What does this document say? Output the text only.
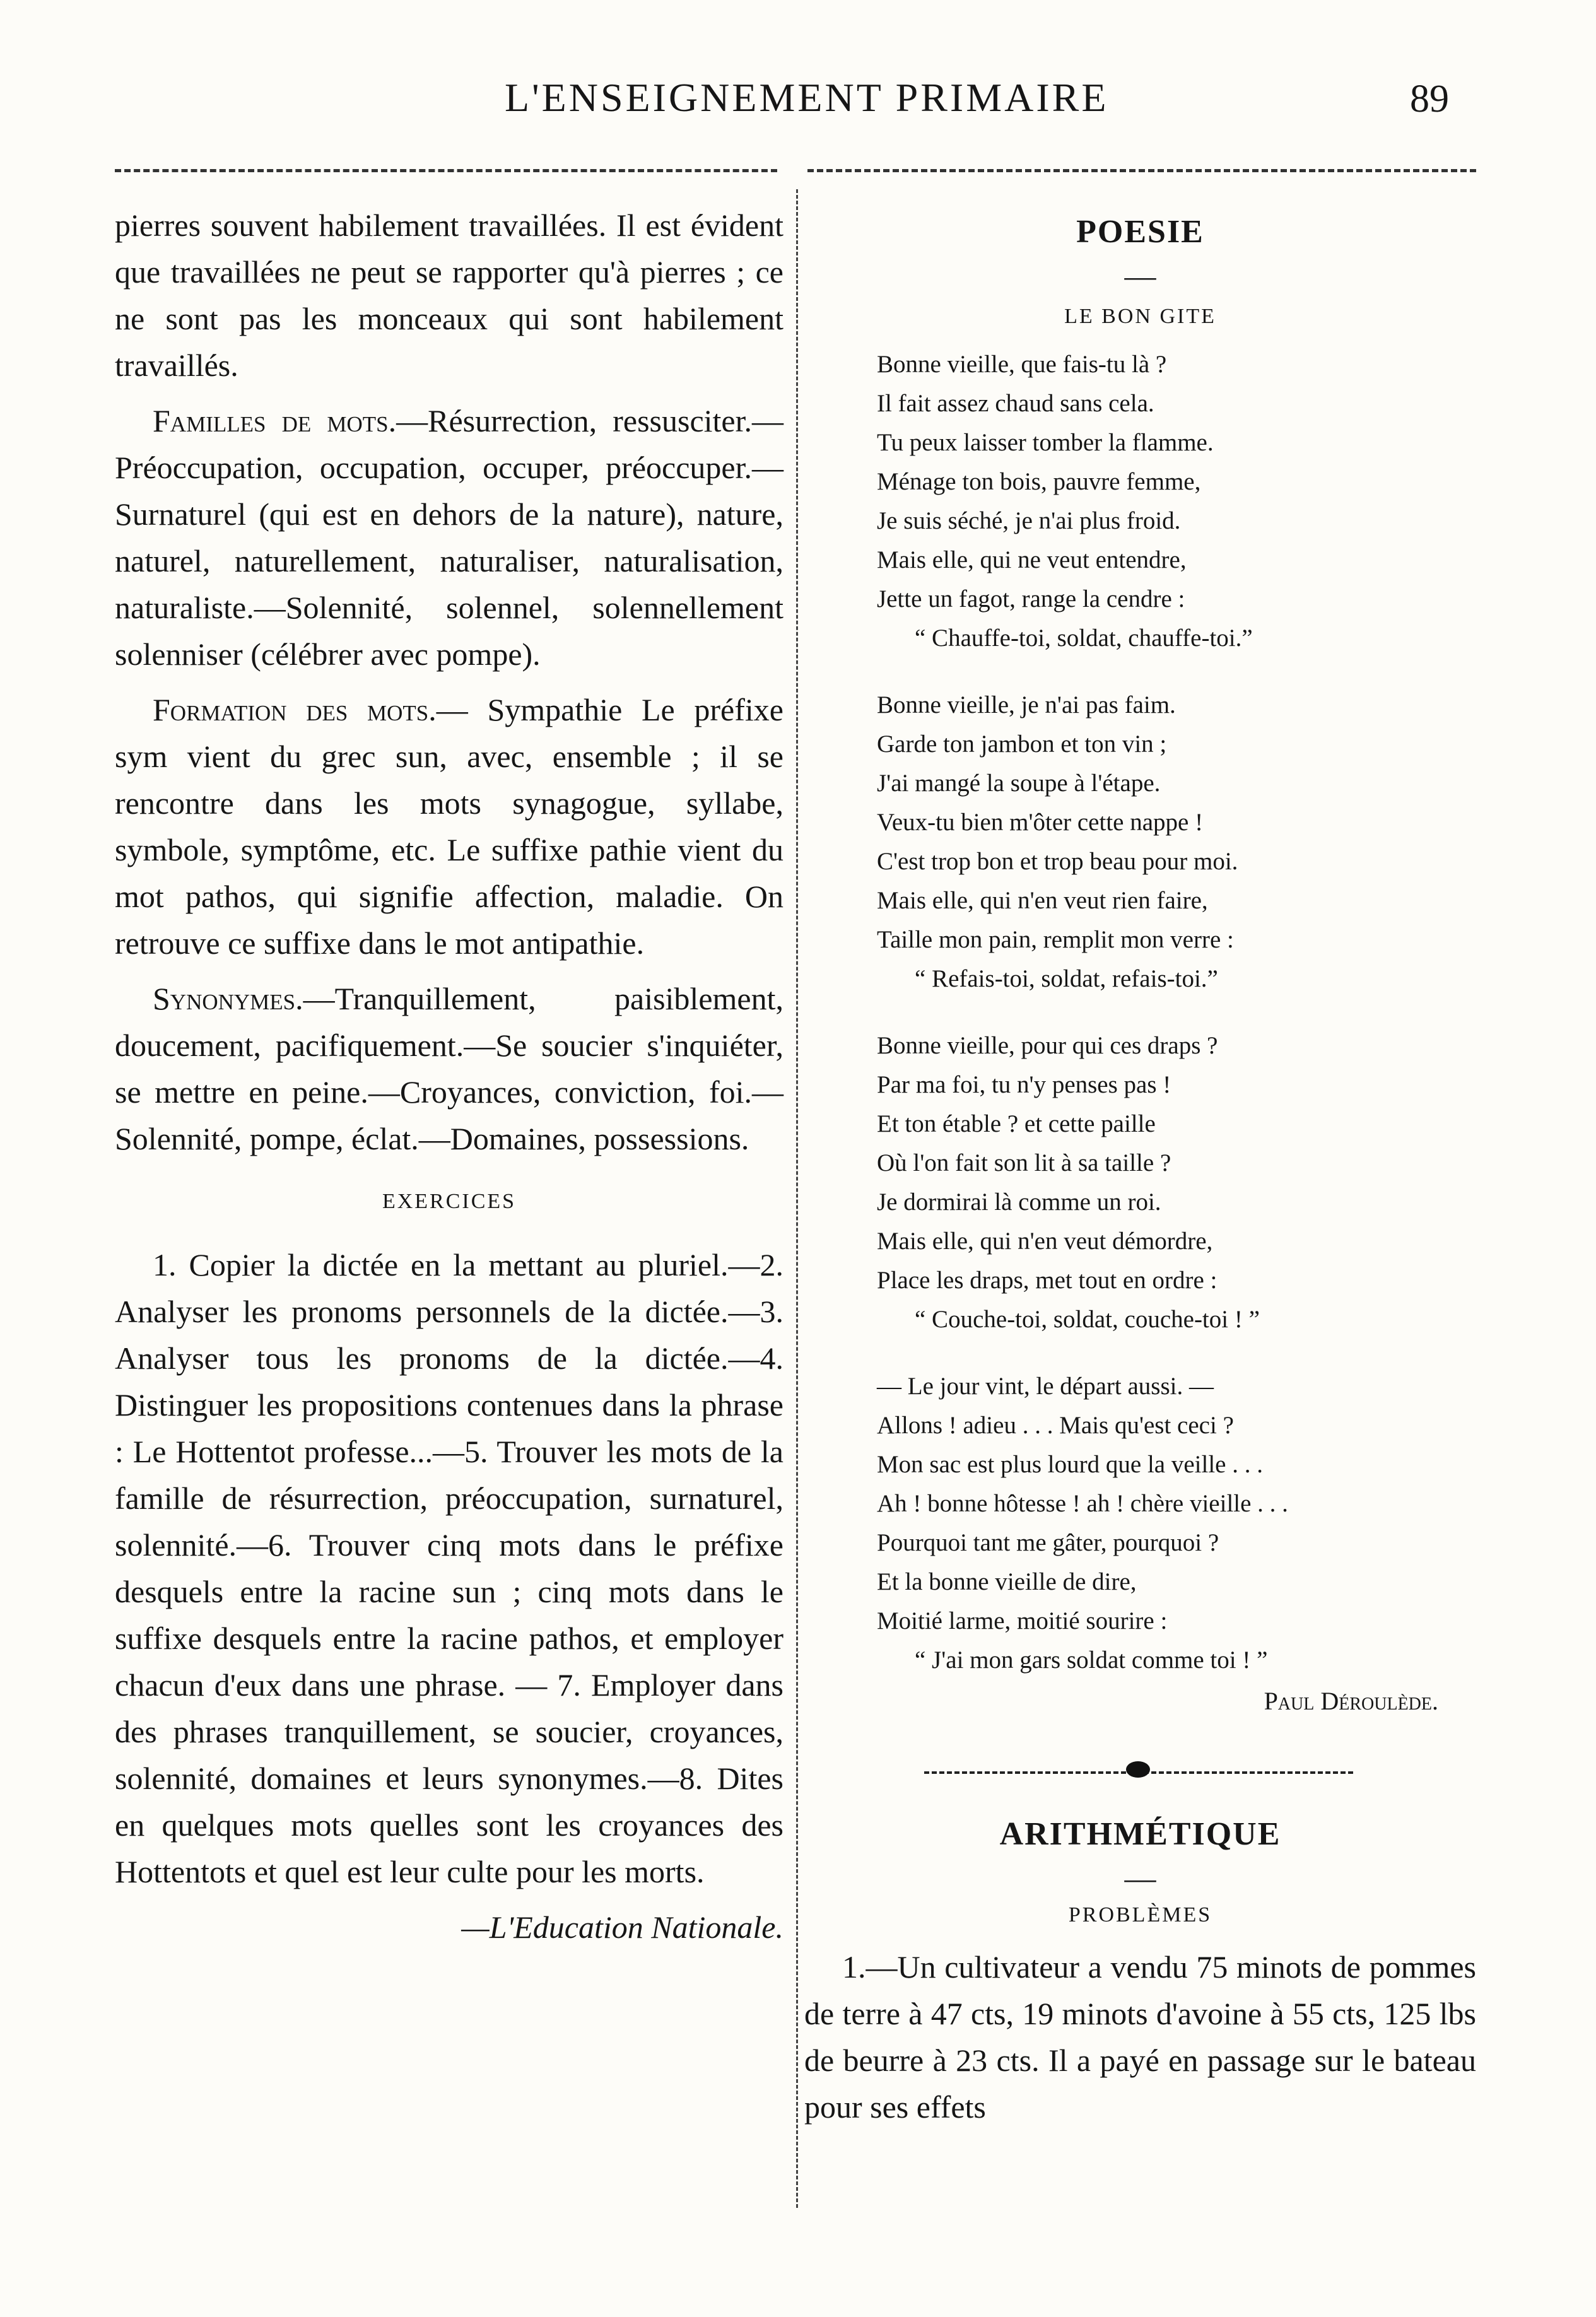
L'ENSEIGNEMENT PRIMAIRE	89

pierres souvent habilement travaillées. Il est évident que travaillées ne peut se rapporter qu'à pierres ; ce ne sont pas les monceaux qui sont habilement travaillés.

Familles de mots.—Résurrection, ressusciter.—Préoccupation, occupation, occuper, préoccuper.—Surnaturel (qui est en dehors de la nature), nature, naturel, naturellement, naturaliser, naturalisation, naturaliste.—Solennité, solennel, solennellement solenniser (célébrer avec pompe).

Formation des mots.— Sympathie Le préfixe sym vient du grec sun, avec, ensemble ; il se rencontre dans les mots synagogue, syllabe, symbole, symptôme, etc. Le suffixe pathie vient du mot pathos, qui signifie affection, maladie. On retrouve ce suffixe dans le mot antipathie.

Synonymes.—Tranquillement, paisiblement, doucement, pacifiquement.—Se soucier s'inquiéter, se mettre en peine.—Croyances, conviction, foi.—Solennité, pompe, éclat.—Domaines, possessions.

EXERCICES

1. Copier la dictée en la mettant au pluriel.—2. Analyser les pronoms personnels de la dictée.—3. Analyser tous les pronoms de la dictée.—4. Distinguer les propositions contenues dans la phrase : Le Hottentot professe...—5. Trouver les mots de la famille de résurrection, préoccupation, surnaturel, solennité.—6. Trouver cinq mots dans le préfixe desquels entre la racine sun ; cinq mots dans le suffixe desquels entre la racine pathos, et employer chacun d'eux dans une phrase. — 7. Employer dans des phrases tranquillement, se soucier, croyances, solennité, domaines et leurs synonymes.—8. Dites en quelques mots quelles sont les croyances des Hottentots et quel est leur culte pour les morts.

—L'Education Nationale.

POESIE
—
LE BON GITE
Bonne vieille, que fais-tu là ?
Il fait assez chaud sans cela.
Tu peux laisser tomber la flamme.
Ménage ton bois, pauvre femme,
Je suis séché, je n'ai plus froid.
Mais elle, qui ne veut entendre,
Jette un fagot, range la cendre :
“ Chauffe-toi, soldat, chauffe-toi.”
Bonne vieille, je n'ai pas faim.
Garde ton jambon et ton vin ;
J'ai mangé la soupe à l'étape.
Veux-tu bien m'ôter cette nappe !
C'est trop bon et trop beau pour moi.
Mais elle, qui n'en veut rien faire,
Taille mon pain, remplit mon verre :
“ Refais-toi, soldat, refais-toi.”
Bonne vieille, pour qui ces draps ?
Par ma foi, tu n'y penses pas !
Et ton étable ? et cette paille
Où l'on fait son lit à sa taille ?
Je dormirai là comme un roi.
Mais elle, qui n'en veut démordre,
Place les draps, met tout en ordre :
“ Couche-toi, soldat, couche-toi ! ”
— Le jour vint, le départ aussi. —
Allons ! adieu . . . Mais qu'est ceci ?
Mon sac est plus lourd que la veille . . .
Ah ! bonne hôtesse ! ah ! chère vieille . . .
Pourquoi tant me gâter, pourquoi ?
Et la bonne vieille de dire,
Moitié larme, moitié sourire :
“ J'ai mon gars soldat comme toi ! ”
Paul Déroulède.
ARITHMÉTIQUE
—
PROBLÈMES

1.—Un cultivateur a vendu 75 minots de pommes de terre à 47 cts, 19 minots d'avoine à 55 cts, 125 lbs de beurre à 23 cts. Il a payé en passage sur le bateau pour ses effets
